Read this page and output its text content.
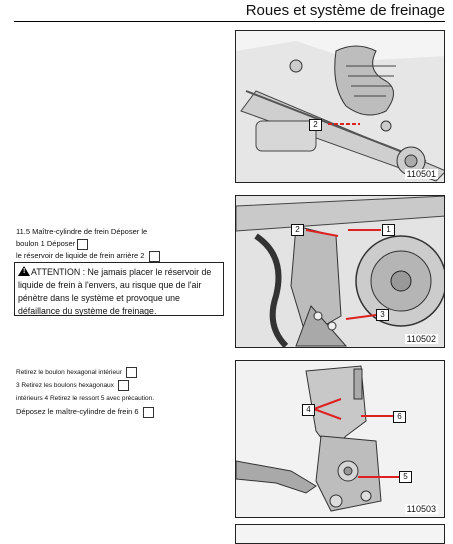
Roues et système de freinage
2
110501
11.5 Maître-cylindre de frein Déposer le
boulon 1 Déposer
le réservoir de liquide de frein arrière 2
! ATTENTION : Ne jamais placer le réservoir de liquide de frein à l'envers, au risque que de l'air pénètre dans le système et provoque une défaillance du système de freinage.
2	1
3
110502
Retirez le boulon hexagonal intérieur
3 Retirez les boulons hexagonaux
intérieurs 4 Retirez le ressort 5 avec précaution.
Déposez le maître-cylindre de frein 6	4
6
5
110503
